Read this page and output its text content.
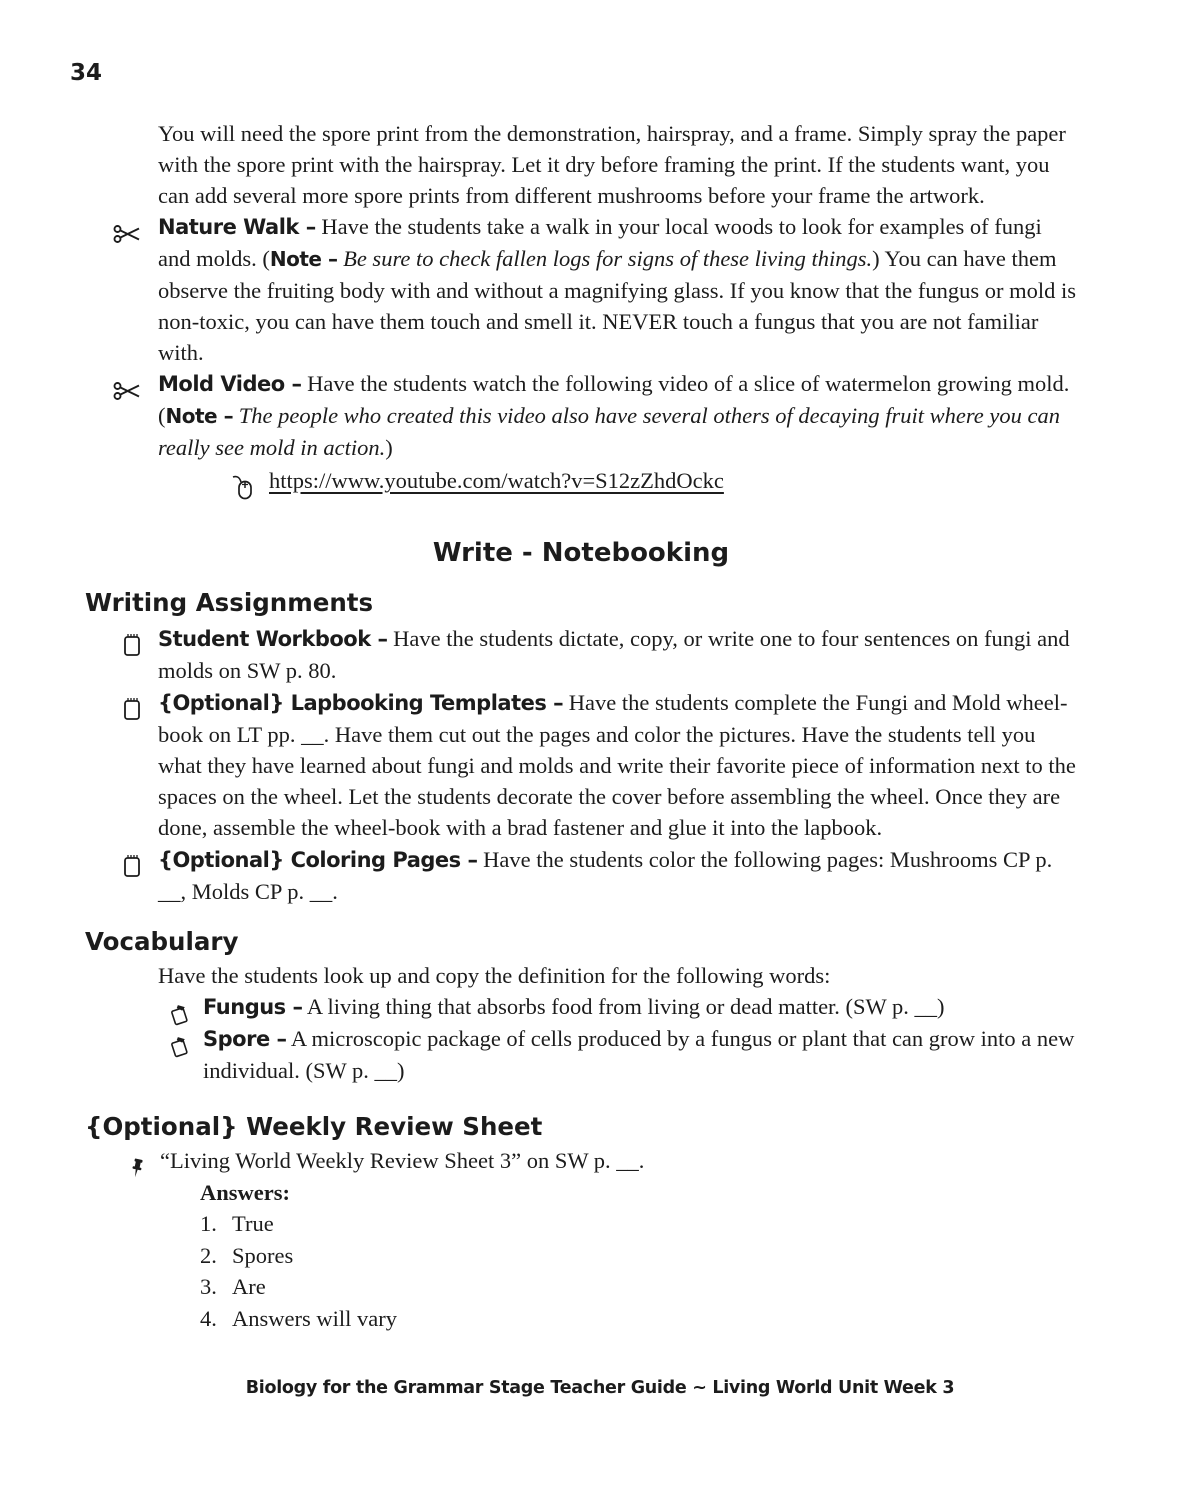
34

You will need the spore print from the demonstration, hairspray, and a frame. Simply spray the paper with the spore print with the hairspray. Let it dry before framing the print. If the students want, you can add several more spore prints from different mushrooms before your frame the artwork.

Nature Walk – Have the students take a walk in your local woods to look for examples of fungi and molds. (Note – Be sure to check fallen logs for signs of these living things.) You can have them observe the fruiting body with and without a magnifying glass. If you know that the fungus or mold is non-toxic, you can have them touch and smell it. NEVER touch a fungus that you are not familiar with.
Mold Video – Have the students watch the following video of a slice of watermelon growing mold. (Note – The people who created this video also have several others of decaying fruit where you can really see mold in action.)
https://www.youtube.com/watch?v=S12zZhdOckc
Write - Notebooking
Writing Assignments
Student Workbook – Have the students dictate, copy, or write one to four sentences on fungi and molds on SW p. 80.
{Optional} Lapbooking Templates – Have the students complete the Fungi and Mold wheel-book on LT pp. __. Have them cut out the pages and color the pictures. Have the students tell you what they have learned about fungi and molds and write their favorite piece of information next to the spaces on the wheel. Let the students decorate the cover before assembling the wheel. Once they are done, assemble the wheel-book with a brad fastener and glue it into the lapbook.
{Optional} Coloring Pages – Have the students color the following pages: Mushrooms CP p. __, Molds CP p. __.
Vocabulary

Have the students look up and copy the definition for the following words:

Fungus – A living thing that absorbs food from living or dead matter. (SW p. __)
Spore – A microscopic package of cells produced by a fungus or plant that can grow into a new individual. (SW p. __)
{Optional} Weekly Review Sheet
“Living World Weekly Review Sheet 3” on SW p. __.
Answers:
True
Spores
Are
Answers will vary
Biology for the Grammar Stage Teacher Guide ~ Living World Unit Week 3
